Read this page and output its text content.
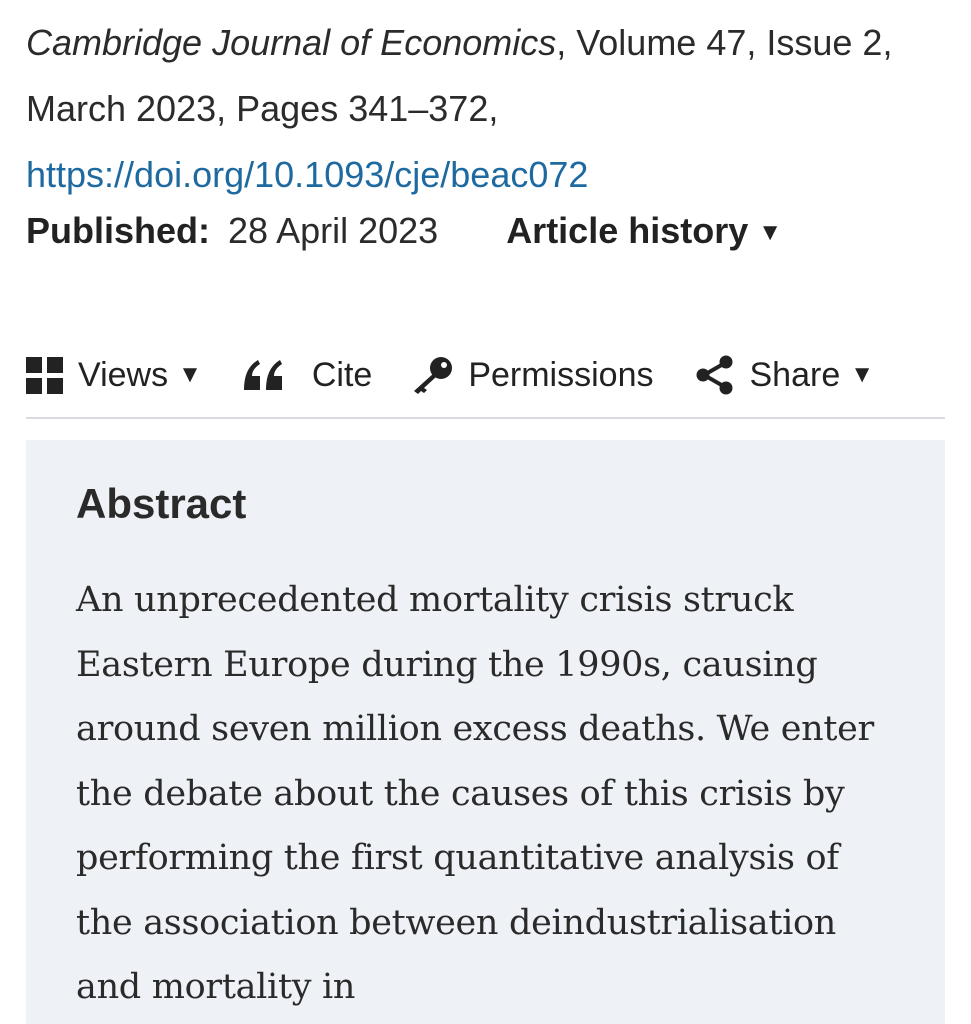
Cambridge Journal of Economics, Volume 47, Issue 2, March 2023, Pages 341–372,
https://doi.org/10.1093/cje/beac072
Published: 28 April 2023 Article history ▼
Views ▼	Cite	Permissions	Share ▼
Abstract

An unprecedented mortality crisis struck Eastern Europe during the 1990s, causing around seven million excess deaths. We enter the debate about the causes of this crisis by performing the first quantitative analysis of the association between deindustrialisation and mortality in
